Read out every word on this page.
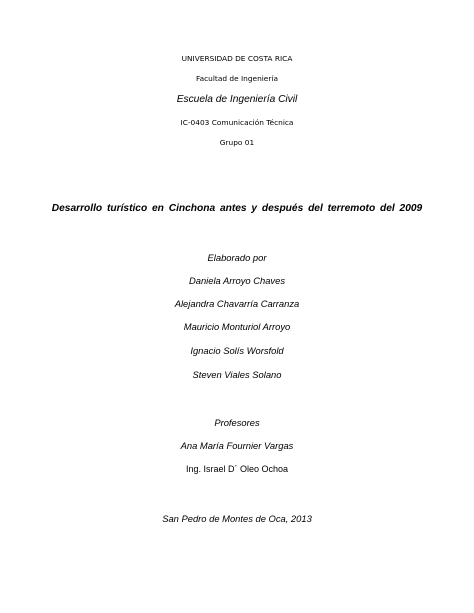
UNIVERSIDAD DE COSTA RICA
Facultad de Ingeniería
Escuela de Ingeniería Civil
IC-0403 Comunicación Técnica
Grupo 01
Desarrollo turístico en Cinchona antes y después del terremoto del 2009
Elaborado por
Daniela Arroyo Chaves
Alejandra Chavarría Carranza
Mauricio Monturiol Arroyo
Ignacio Solís Worsfold
Steven Viales Solano
Profesores
Ana María Fournier Vargas
Ing. Israel D´ Oleo Ochoa
San Pedro de Montes de Oca, 2013
